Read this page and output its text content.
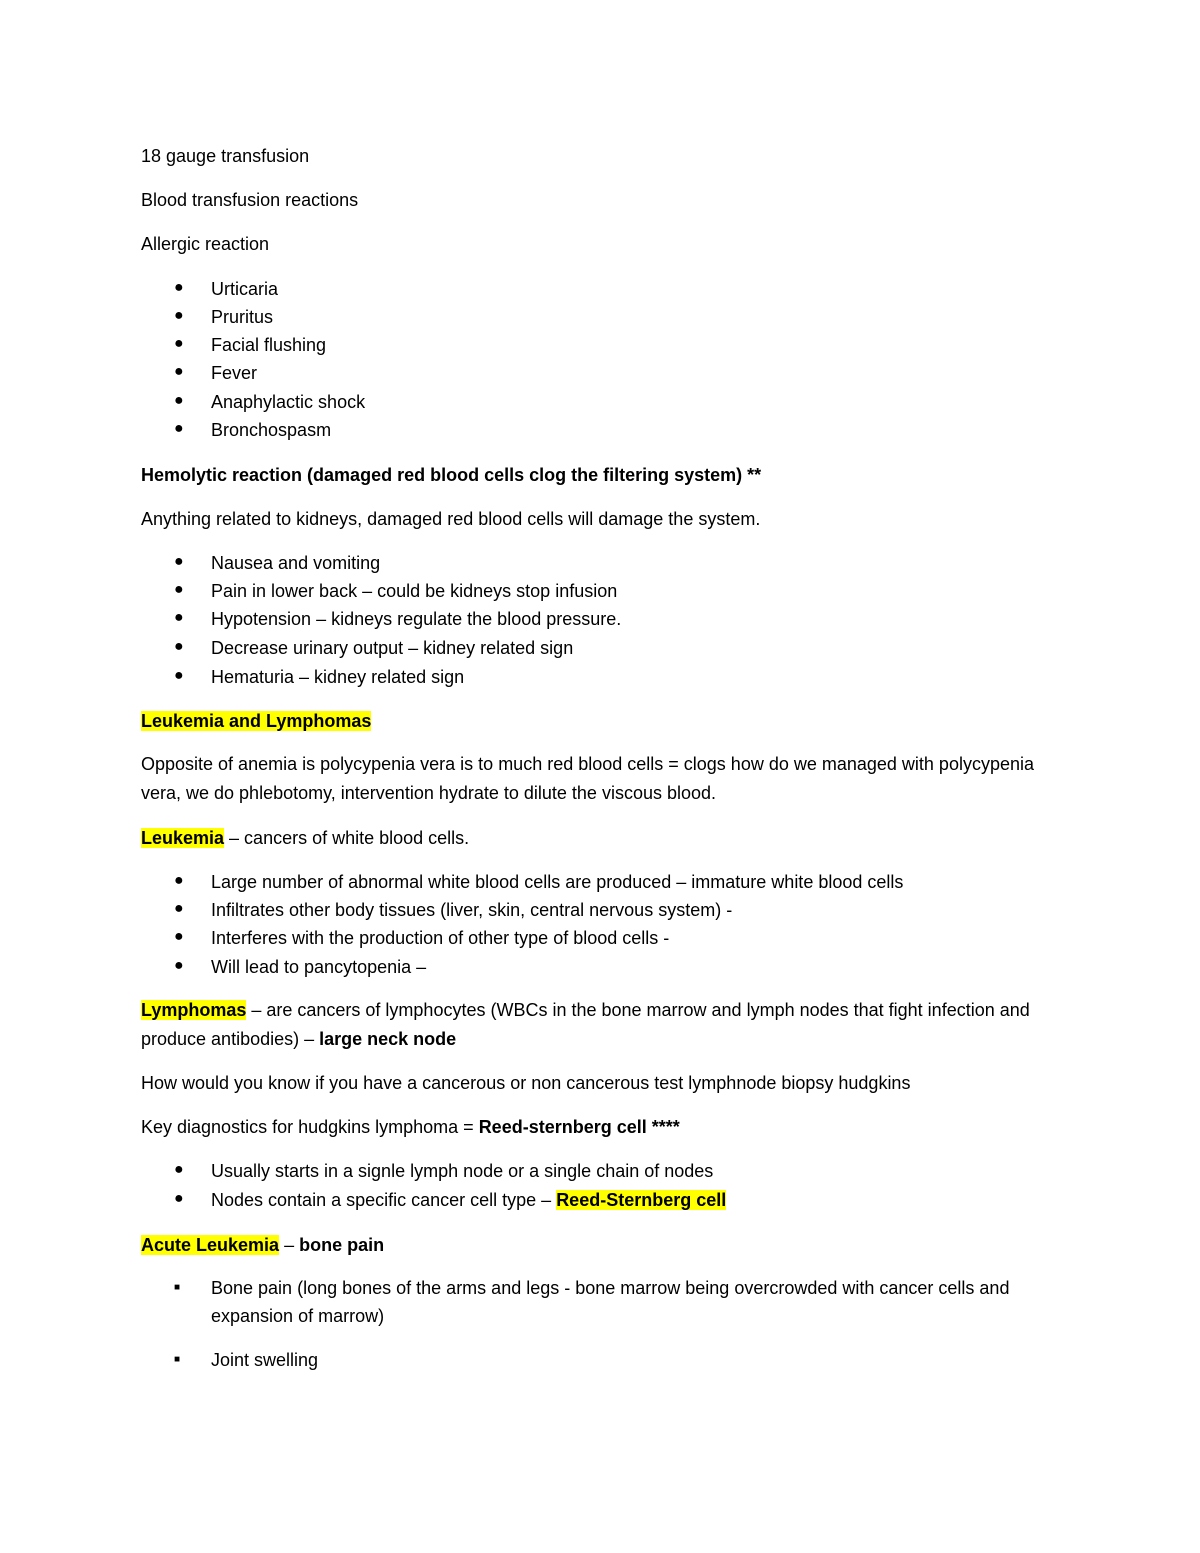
18 gauge transfusion
Blood transfusion reactions
Allergic reaction
● Urticaria
● Pruritus
● Facial flushing
● Fever
● Anaphylactic shock
● Bronchospasm
Hemolytic reaction (damaged red blood cells clog the filtering system) **
Anything related to kidneys, damaged red blood cells will damage the system.
● Nausea and vomiting
● Pain in lower back – could be kidneys stop infusion
● Hypotension – kidneys regulate the blood pressure.
● Decrease urinary output – kidney related sign
● Hematuria – kidney related sign
Leukemia and Lymphomas
Opposite of anemia is polycypenia vera is to much red blood cells = clogs how do we managed with polycypenia vera, we do phlebotomy, intervention hydrate to dilute the viscous blood.
Leukemia – cancers of white blood cells.
● Large number of abnormal white blood cells are produced – immature white blood cells
● Infiltrates other body tissues (liver, skin, central nervous system) -
● Interferes with the production of other type of blood cells -
● Will lead to pancytopenia –
Lymphomas – are cancers of lymphocytes (WBCs in the bone marrow and lymph nodes that fight infection and produce antibodies) – large neck node
How would you know if you have a cancerous or non cancerous test lymphnode biopsy hudgkins
Key diagnostics for hudgkins lymphoma = Reed-sternberg cell ****
● Usually starts in a signle lymph node or a single chain of nodes
● Nodes contain a specific cancer cell type – Reed-Sternberg cell
Acute Leukemia – bone pain
■ Bone pain (long bones of the arms and legs - bone marrow being overcrowded with cancer cells and expansion of marrow)
■ Joint swelling
